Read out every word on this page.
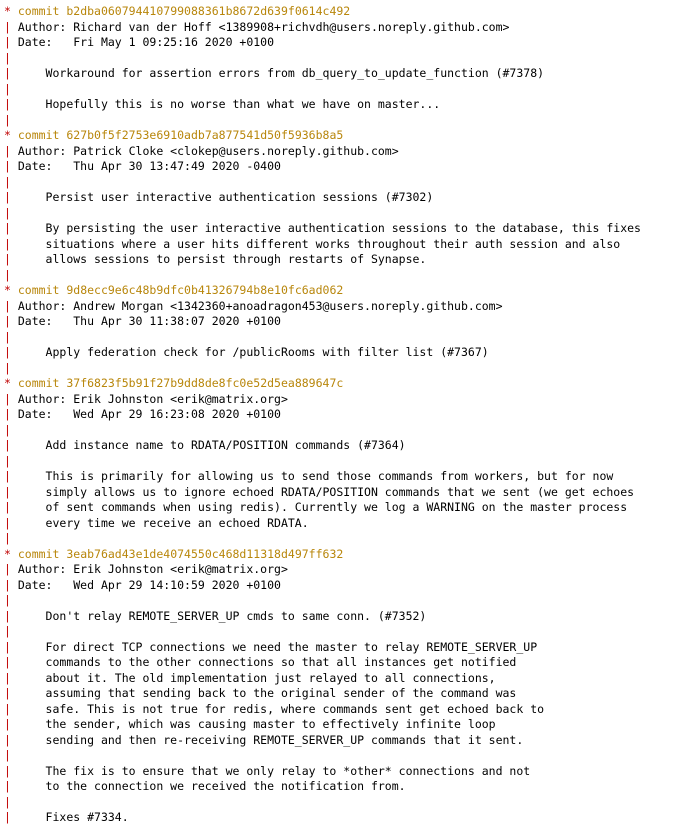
* commit b2dba060794410799088361b8672d639f0614c492
| Author: Richard van der Hoff <1389908+richvdh@users.noreply.github.com>
| Date:   Fri May 1 09:25:16 2020 +0100
|
|     Workaround for assertion errors from db_query_to_update_function (#7378)
|
|     Hopefully this is no worse than what we have on master...
|
* commit 627b0f5f2753e6910adb7a877541d50f5936b8a5
| Author: Patrick Cloke <clokep@users.noreply.github.com>
| Date:   Thu Apr 30 13:47:49 2020 -0400
|
|     Persist user interactive authentication sessions (#7302)
|
|     By persisting the user interactive authentication sessions to the database, this fixes
|     situations where a user hits different works throughout their auth session and also
|     allows sessions to persist through restarts of Synapse.
|
* commit 9d8ecc9e6c48b9dfc0b41326794b8e10fc6ad062
| Author: Andrew Morgan <1342360+anoadragon453@users.noreply.github.com>
| Date:   Thu Apr 30 11:38:07 2020 +0100
|
|     Apply federation check for /publicRooms with filter list (#7367)
|
* commit 37f6823f5b91f27b9dd8de8fc0e52d5ea889647c
| Author: Erik Johnston <erik@matrix.org>
| Date:   Wed Apr 29 16:23:08 2020 +0100
|
|     Add instance name to RDATA/POSITION commands (#7364)
|
|     This is primarily for allowing us to send those commands from workers, but for now
|     simply allows us to ignore echoed RDATA/POSITION commands that we sent (we get echoes
|     of sent commands when using redis). Currently we log a WARNING on the master process
|     every time we receive an echoed RDATA.
|
* commit 3eab76ad43e1de4074550c468d11318d497ff632
| Author: Erik Johnston <erik@matrix.org>
| Date:   Wed Apr 29 14:10:59 2020 +0100
|
|     Don't relay REMOTE_SERVER_UP cmds to same conn. (#7352)
|
|     For direct TCP connections we need the master to relay REMOTE_SERVER_UP
|     commands to the other connections so that all instances get notified
|     about it. The old implementation just relayed to all connections,
|     assuming that sending back to the original sender of the command was
|     safe. This is not true for redis, where commands sent get echoed back to
|     the sender, which was causing master to effectively infinite loop
|     sending and then re-receiving REMOTE_SERVER_UP commands that it sent.
|
|     The fix is to ensure that we only relay to *other* connections and not
|     to the connection we received the notification from.
|
|     Fixes #7334.
